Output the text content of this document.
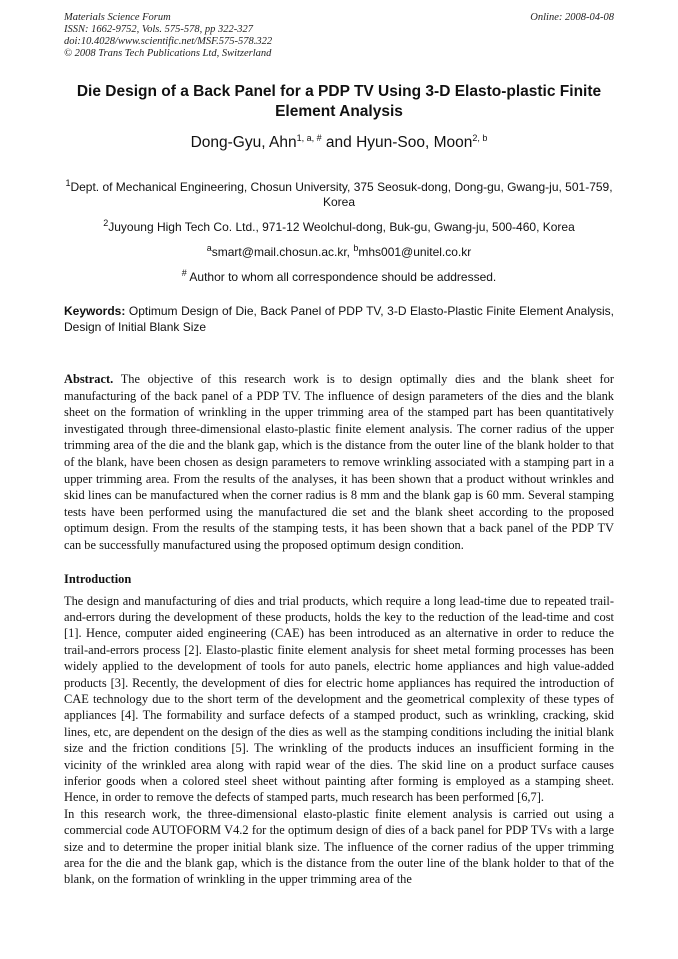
Materials Science Forum
ISSN: 1662-9752, Vols. 575-578, pp 322-327
doi:10.4028/www.scientific.net/MSF.575-578.322
© 2008 Trans Tech Publications Ltd, Switzerland
Online: 2008-04-08
Die Design of a Back Panel for a PDP TV Using 3-D Elasto-plastic Finite Element Analysis
Dong-Gyu, Ahn$^{1, a, \#}$ and Hyun-Soo, Moon$^{2, b}$
$^1$Dept. of Mechanical Engineering, Chosun University, 375 Seosuk-dong, Dong-gu, Gwang-ju, 501-759, Korea
$^2$Juyoung High Tech Co. Ltd., 971-12 Weolchul-dong, Buk-gu, Gwang-ju, 500-460, Korea
$^a$smart@mail.chosun.ac.kr, $^b$mhs001@unitel.co.kr
# Author to whom all correspondence should be addressed.
Keywords: Optimum Design of Die, Back Panel of PDP TV, 3-D Elasto-Plastic Finite Element Analysis, Design of Initial Blank Size
Abstract. The objective of this research work is to design optimally dies and the blank sheet for manufacturing of the back panel of a PDP TV. The influence of design parameters of the dies and the blank sheet on the formation of wrinkling in the upper trimming area of the stamped part has been quantitatively investigated through three-dimensional elasto-plastic finite element analysis. The corner radius of the upper trimming area of the die and the blank gap, which is the distance from the outer line of the blank holder to that of the blank, have been chosen as design parameters to remove wrinkling associated with a stamping part in a upper trimming area. From the results of the analyses, it has been shown that a product without wrinkles and skid lines can be manufactured when the corner radius is 8 mm and the blank gap is 60 mm. Several stamping tests have been performed using the manufactured die set and the blank sheet according to the proposed optimum design. From the results of the stamping tests, it has been shown that a back panel of the PDP TV can be successfully manufactured using the proposed optimum design condition.
Introduction
The design and manufacturing of dies and trial products, which require a long lead-time due to repeated trail-and-errors during the development of these products, holds the key to the reduction of the lead-time and cost [1]. Hence, computer aided engineering (CAE) has been introduced as an alternative in order to reduce the trail-and-errors process [2]. Elasto-plastic finite element analysis for sheet metal forming processes has been widely applied to the development of tools for auto panels, electric home appliances and high value-added products [3]. Recently, the development of dies for electric home appliances has required the introduction of CAE technology due to the short term of the development and the geometrical complexity of these types of appliances [4]. The formability and surface defects of a stamped product, such as wrinkling, cracking, skid lines, etc, are dependent on the design of the dies as well as the stamping conditions including the initial blank size and the friction conditions [5]. The wrinkling of the products induces an insufficient forming in the vicinity of the wrinkled area along with rapid wear of the dies. The skid line on a product surface causes inferior goods when a colored steel sheet without painting after forming is employed as a stamping sheet. Hence, in order to remove the defects of stamped parts, much research has been performed [6,7].
In this research work, the three-dimensional elasto-plastic finite element analysis is carried out using a commercial code AUTOFORM V4.2 for the optimum design of dies of a back panel for PDP TVs with a large size and to determine the proper initial blank size. The influence of the corner radius of the upper trimming area for the die and the blank gap, which is the distance from the outer line of the blank holder to that of the blank, on the formation of wrinkling in the upper trimming area of the
